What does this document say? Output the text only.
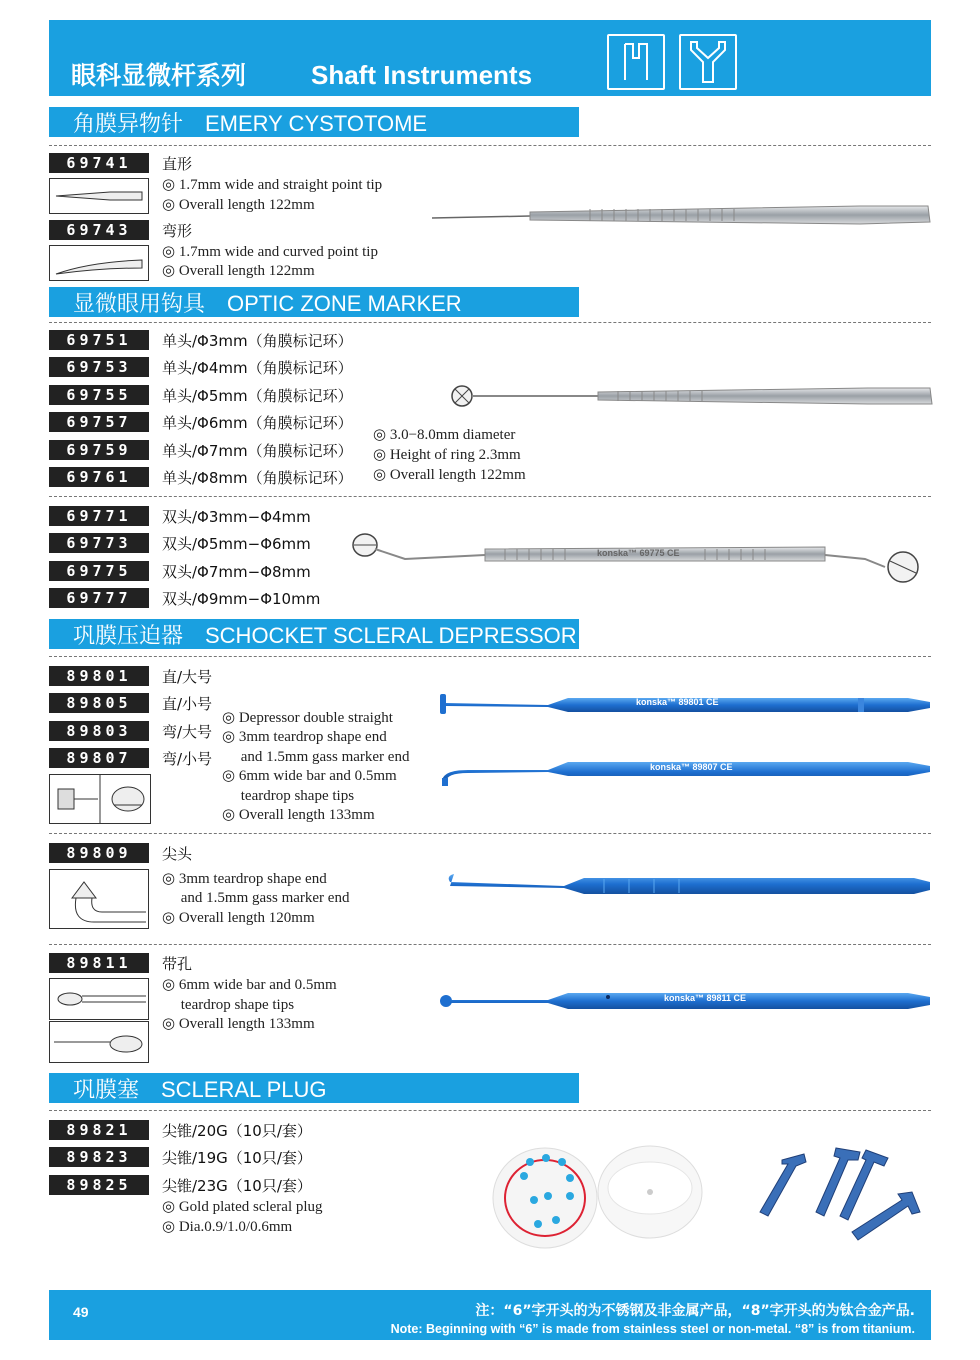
眼科显微杆系列 Shaft Instruments
角膜异物针　EMERY CYSTOTOME
69741	直形
◎ 1.7mm wide and straight point tip
◎ Overall length 122mm
69743	弯形
◎ 1.7mm wide and curved point tip
◎ Overall length 122mm
显微眼用钩具　OPTIC ZONE MARKER
69751	单头/Φ3mm（角膜标记环）
69753	单头/Φ4mm（角膜标记环）
69755	单头/Φ5mm（角膜标记环）
69757	单头/Φ6mm（角膜标记环）
69759	单头/Φ7mm（角膜标记环）
69761	单头/Φ8mm（角膜标记环）
◎ 3.0−8.0mm diameter
◎ Height of ring 2.3mm
◎ Overall length 122mm
69771	双头/Φ3mm−Φ4mm
69773	双头/Φ5mm−Φ6mm
69775	双头/Φ7mm−Φ8mm
69777	双头/Φ9mm−Φ10mm
konska™ 69775 CE
巩膜压迫器　SCHOCKET SCLERAL DEPRESSOR
89801	直/大号
89805	直/小号
89803	弯/大号
89807	弯/小号
◎ Depressor double straight
◎ 3mm teardrop shape end
　 and 1.5mm gass marker end
◎ 6mm wide bar and 0.5mm
　 teardrop shape tips
◎ Overall length 133mm
konska™ 89801 CE
konska™ 89807 CE
89809	尖头
◎ 3mm teardrop shape end
　 and 1.5mm gass marker end
◎ Overall length 120mm
89811	带孔
◎ 6mm wide bar and 0.5mm
　 teardrop shape tips
◎ Overall length 133mm
konska™ 89811 CE
巩膜塞　SCLERAL PLUG
89821	尖锥/20G（10只/套）
89823	尖锥/19G（10只/套）
89825	尖锥/23G（10只/套）
◎ Gold plated scleral plug
◎ Dia.0.9/1.0/0.6mm
49	注：“6”字开头的为不锈钢及非金属产品，“8”字开头的为钛合金产品.
Note: Beginning with “6” is made from stainless steel or non-metal. “8” is from titanium.
